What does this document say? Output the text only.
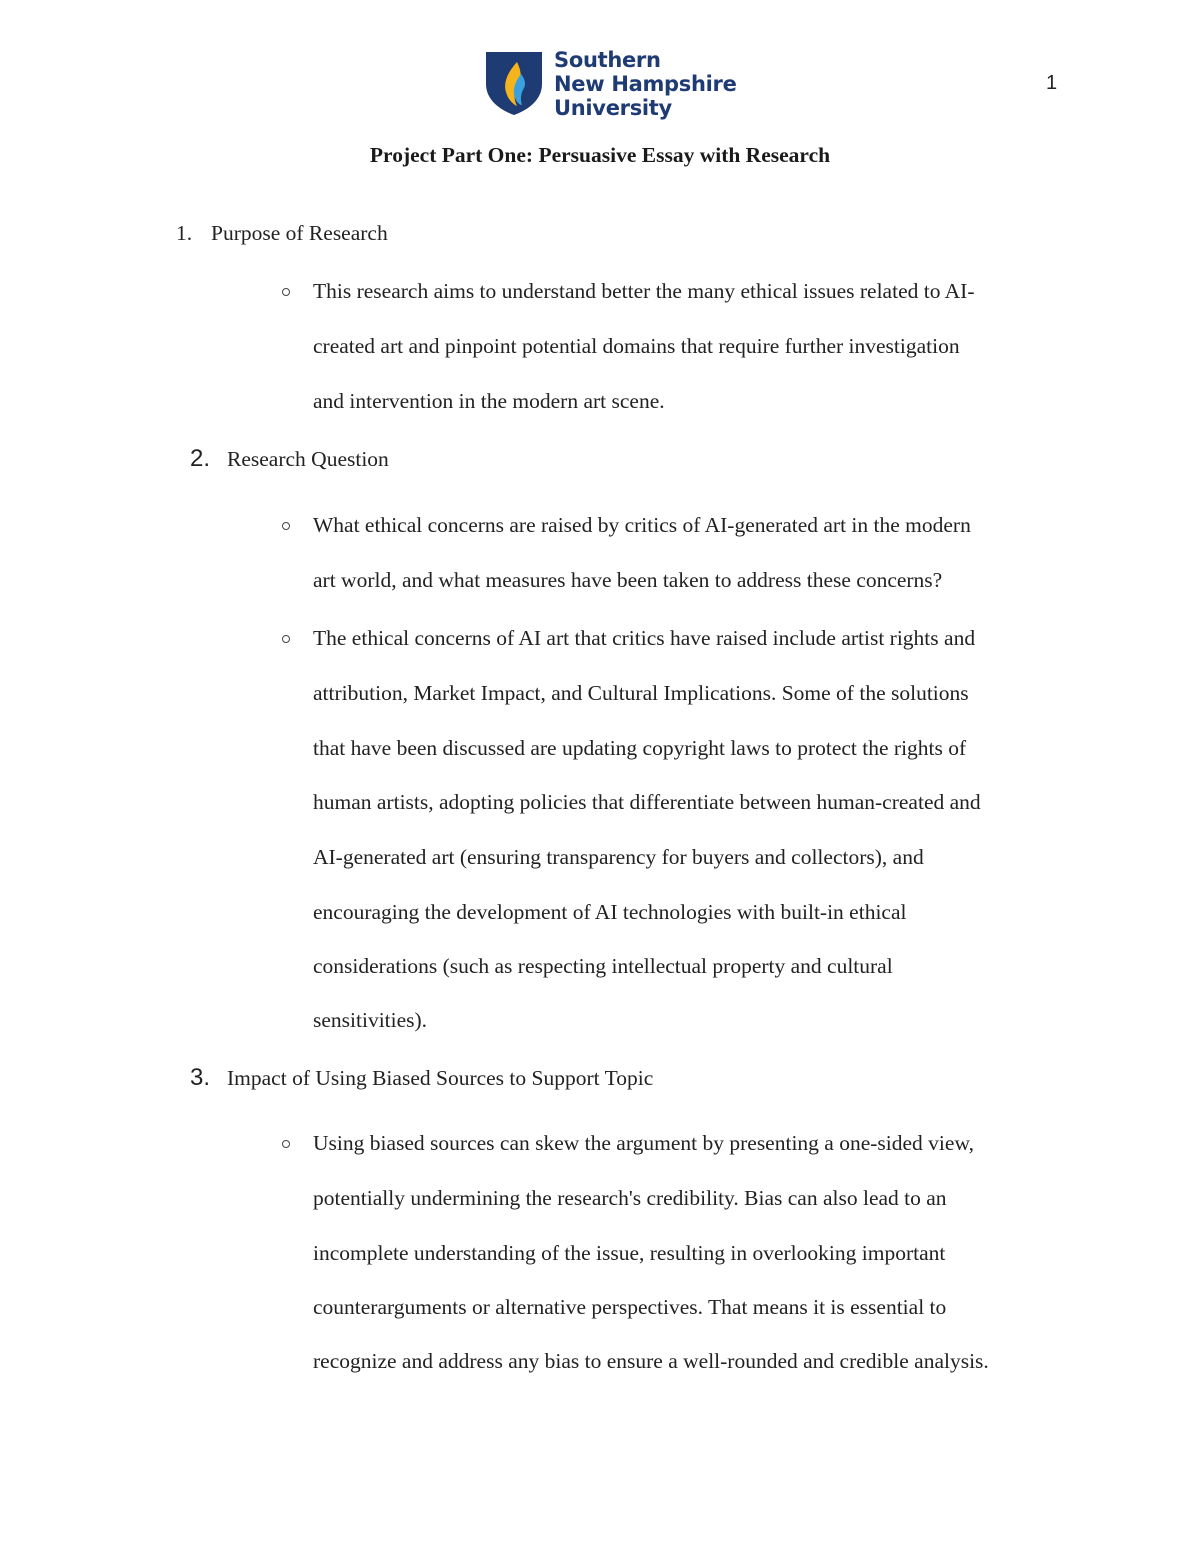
Southern
New Hampshire
University
1
Project Part One: Persuasive Essay with Research
1. Purpose of Research
This research aims to understand better the many ethical issues related to AI-
created art and pinpoint potential domains that require further investigation
and intervention in the modern art scene.
2. Research Question
What ethical concerns are raised by critics of AI-generated art in the modern
art world, and what measures have been taken to address these concerns?
The ethical concerns of AI art that critics have raised include artist rights and
attribution, Market Impact, and Cultural Implications. Some of the solutions
that have been discussed are updating copyright laws to protect the rights of
human artists, adopting policies that differentiate between human-created and
AI-generated art (ensuring transparency for buyers and collectors), and
encouraging the development of AI technologies with built-in ethical
considerations (such as respecting intellectual property and cultural
sensitivities).
3. Impact of Using Biased Sources to Support Topic
Using biased sources can skew the argument by presenting a one-sided view,
potentially undermining the research's credibility. Bias can also lead to an
incomplete understanding of the issue, resulting in overlooking important
counterarguments or alternative perspectives. That means it is essential to
recognize and address any bias to ensure a well-rounded and credible analysis.
